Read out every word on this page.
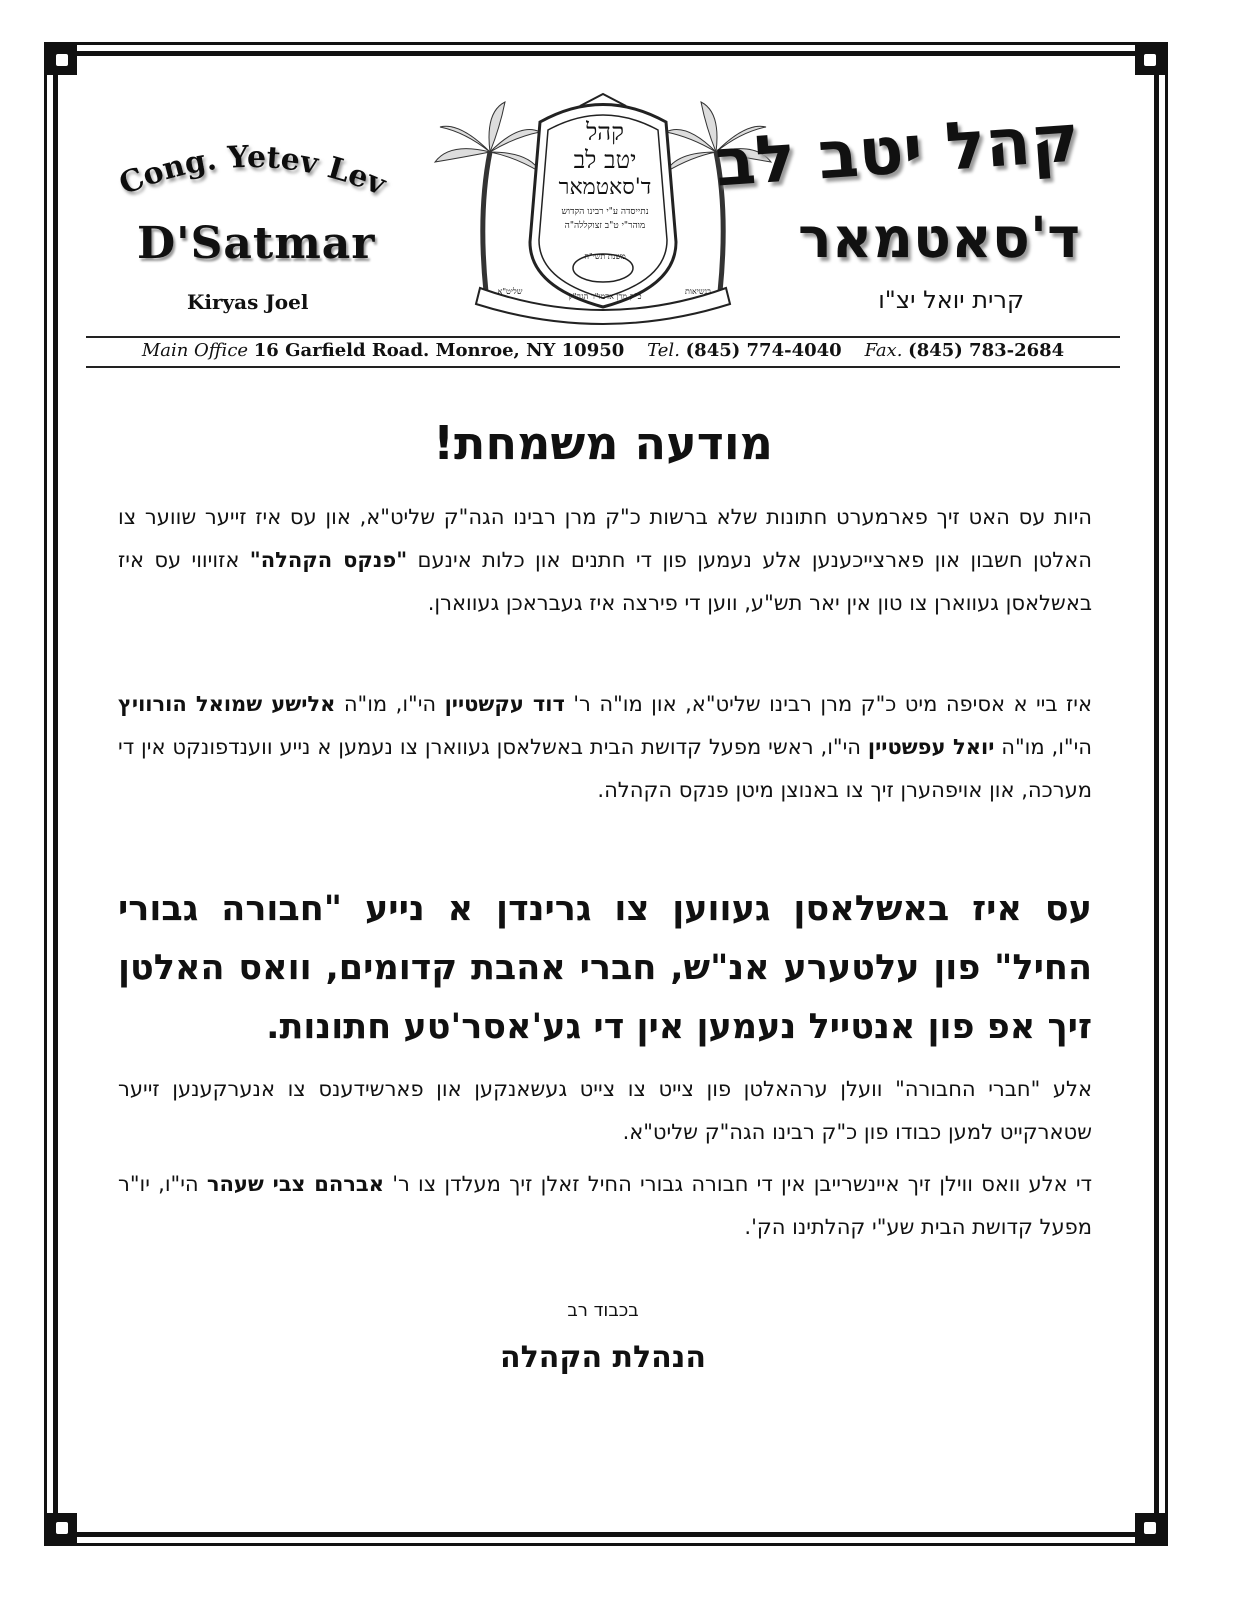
Cong. Yetev Lev
D'Satmar
Kiryas Joel
קהל
יטב לב
ד'סאטמאר
נתייסדה ע"י רבינו הקדוש
מוהר"י ט"ב זצוקללה"ה
משנת תשי"ח
כ"ק מרן אדמו"ר הגה"ק
שליט"א	בנשיאות
קהל יטב לב
ד'סאטמאר
קרית יואל יצ"ו
Main Office 16 Garfield Road. Monroe, NY 10950 Tel. (845) 774-4040 Fax. (845) 783-2684
מודעה משמחת!
היות עס האט זיך פארמערט חתונות שלא ברשות כ"ק מרן רבינו הגה"ק שליט"א, און עס איז זייער שווער צו האלטן חשבון און פארצייכענען אלע נעמען פון די חתנים און כלות אינעם "פנקס הקהלה" אזויווי עס איז באשלאסן געווארן צו טון אין יאר תש"ע, ווען די פירצה איז געבראכן געווארן.
איז ביי א אסיפה מיט כ"ק מרן רבינו שליט"א, און מו"ה ר' דוד עקשטיין הי"ו, מו"ה אלישע שמואל הורוויץ הי"ו, מו"ה יואל עפשטיין הי"ו, ראשי מפעל קדושת הבית באשלאסן געווארן צו נעמען א נייע ווענדפונקט אין די מערכה, און אויפהערן זיך צו באנוצן מיטן פנקס הקהלה.
עס איז באשלאסן געווען צו גרינדן א נייע "חבורה גבורי החיל" פון עלטערע אנ"ש, חברי אהבת קדומים, וואס האלטן זיך אפ פון אנטייל נעמען אין די גע'אסר'טע חתונות.
אלע "חברי החבורה" וועלן ערהאלטן פון צייט צו צייט געשאנקען און פארשידענס צו אנערקענען זייער שטארקייט למען כבודו פון כ"ק רבינו הגה"ק שליט"א.
די אלע וואס ווילן זיך איינשרייבן אין די חבורה גבורי החיל זאלן זיך מעלדן צו ר' אברהם צבי שעהר הי"ו, יו"ר מפעל קדושת הבית שע"י קהלתינו הק'.
בכבוד רב
הנהלת הקהלה
